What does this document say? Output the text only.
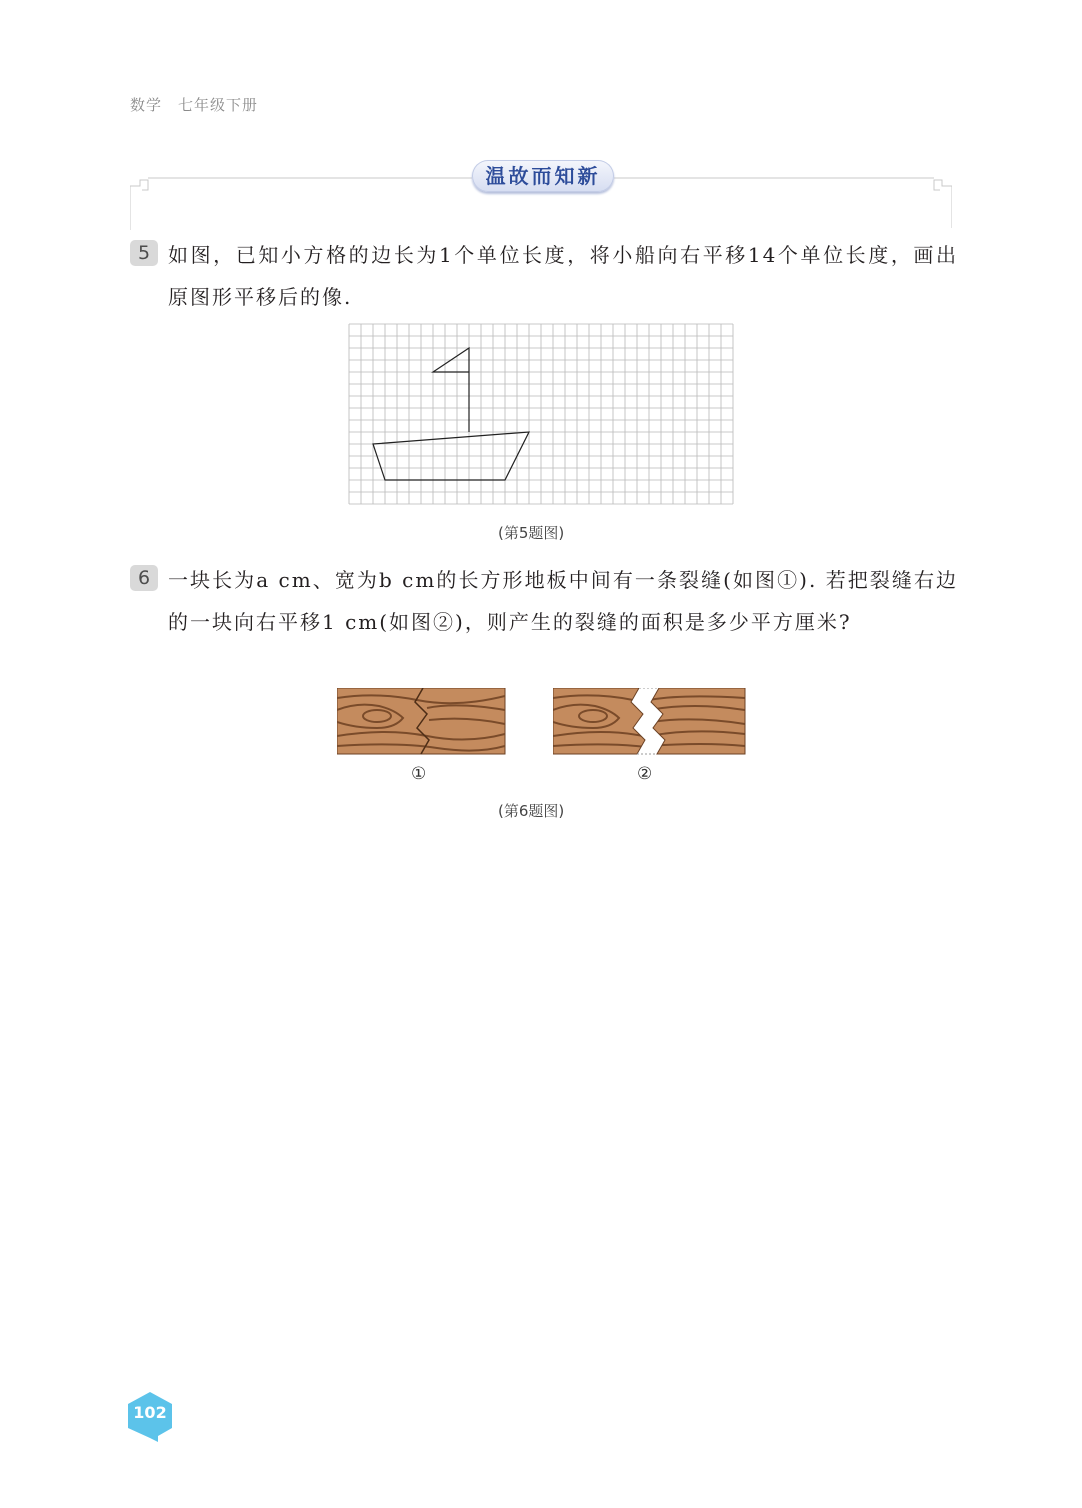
数学 七年级下册
温故而知新
5 如图，已知小方格的边长为1个单位长度，将小船向右平移14个单位长度，画出原图形平移后的像.
(第5题图)
6 一块长为a cm、宽为b cm的长方形地板中间有一条裂缝(如图①). 若把裂缝右边的一块向右平移1 cm(如图②)，则产生的裂缝的面积是多少平方厘米?
①	②
(第6题图)
102
